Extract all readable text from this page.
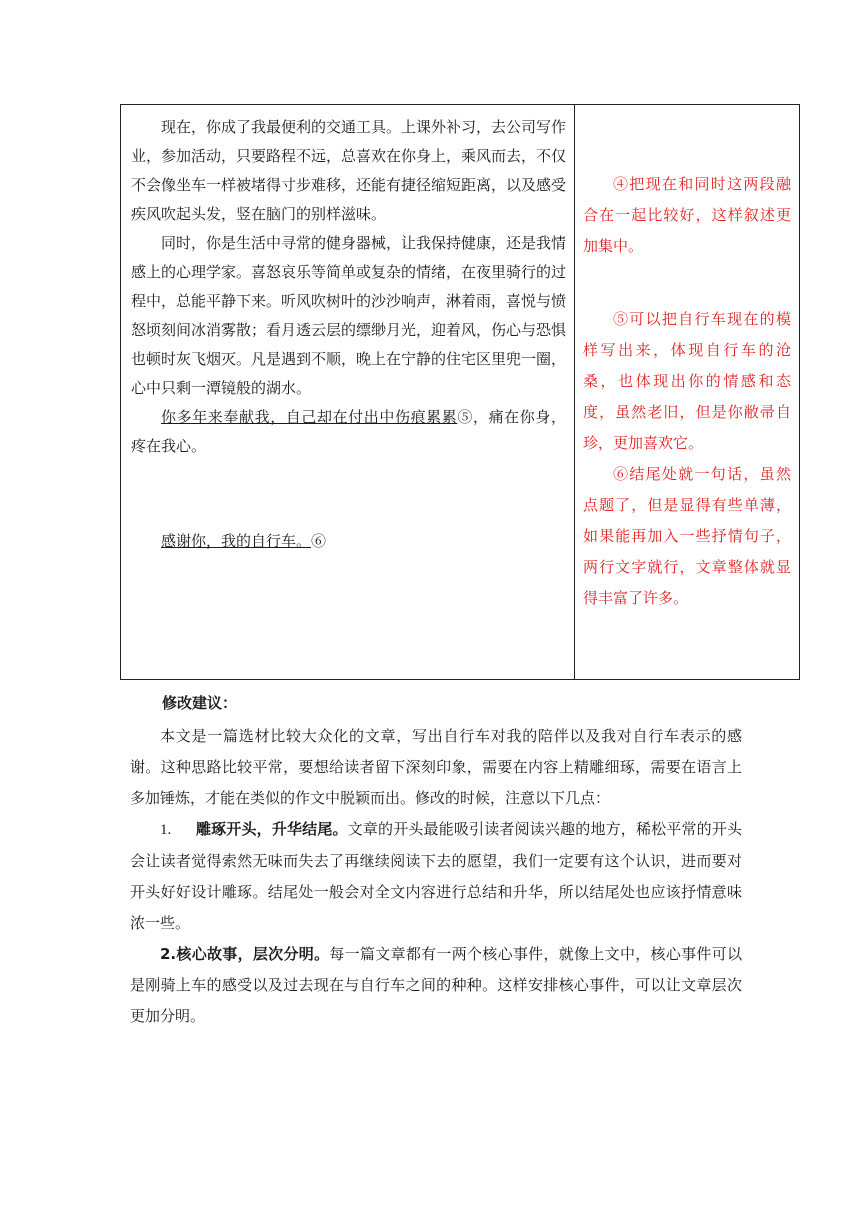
现在，你成了我最便利的交通工具。上课外补习，去公司写作业，参加活动，只要路程不远，总喜欢在你身上，乘风而去，不仅不会像坐车一样被堵得寸步难移，还能有捷径缩短距离，以及感受疾风吹起头发，竖在脑门的别样滋味。

同时，你是生活中寻常的健身器械，让我保持健康，还是我情感上的心理学家。喜怒哀乐等简单或复杂的情绪，在夜里骑行的过程中，总能平静下来。听风吹树叶的沙沙响声，淋着雨，喜悦与愤怒顷刻间冰消雾散；看月透云层的缥缈月光，迎着风，伤心与恐惧也顿时灰飞烟灭。凡是遇到不顺，晚上在宁静的住宅区里兜一圈，心中只剩一潭镜般的湖水。

你多年来奉献我，自己却在付出中伤痕累累⑤，痛在你身，疼在我心。

感谢你，我的自行车。⑥

④把现在和同时这两段融合在一起比较好，这样叙述更加集中。

⑤可以把自行车现在的模样写出来，体现自行车的沧桑，也体现出你的情感和态度，虽然老旧，但是你敝帚自珍，更加喜欢它。

⑥结尾处就一句话，虽然点题了，但是显得有些单薄，如果能再加入一些抒情句子，两行文字就行，文章整体就显得丰富了许多。

修改建议：

本文是一篇选材比较大众化的文章，写出自行车对我的陪伴以及我对自行车表示的感谢。这种思路比较平常，要想给读者留下深刻印象，需要在内容上精雕细琢，需要在语言上多加锤炼，才能在类似的作文中脱颖而出。修改的时候，注意以下几点：

1. 雕琢开头，升华结尾。文章的开头最能吸引读者阅读兴趣的地方，稀松平常的开头会让读者觉得索然无味而失去了再继续阅读下去的愿望，我们一定要有这个认识，进而要对开头好好设计雕琢。结尾处一般会对全文内容进行总结和升华，所以结尾处也应该抒情意味浓一些。

2.核心故事，层次分明。每一篇文章都有一两个核心事件，就像上文中，核心事件可以是刚骑上车的感受以及过去现在与自行车之间的种种。这样安排核心事件，可以让文章层次更加分明。
